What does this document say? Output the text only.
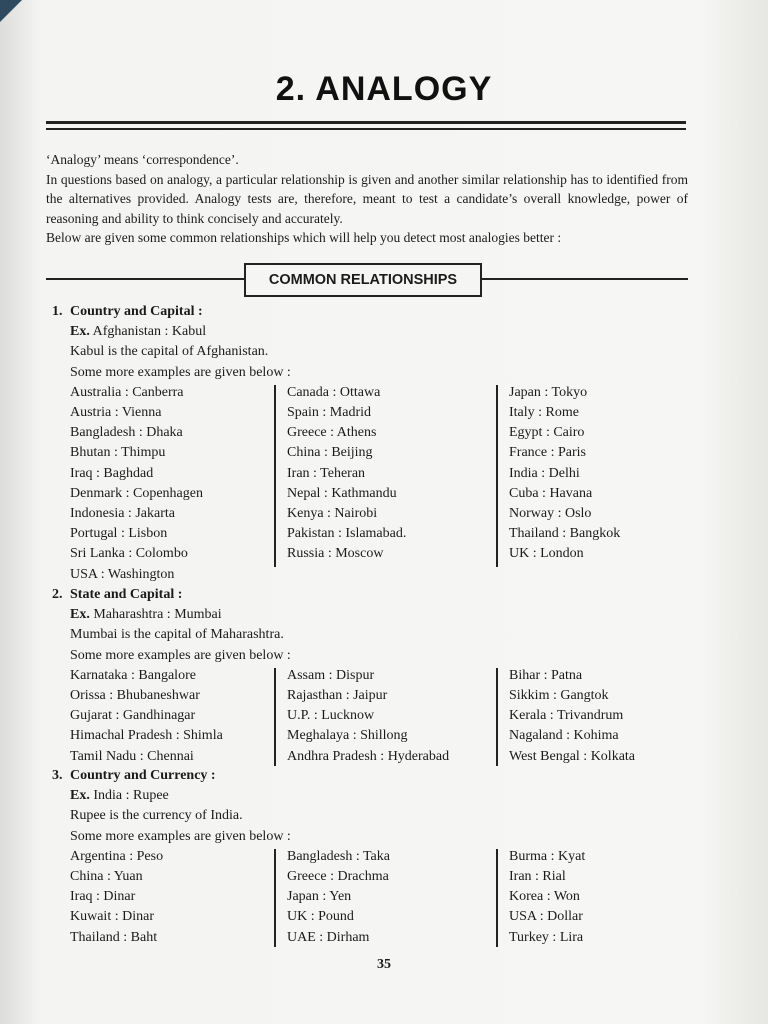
2. ANALOGY

‘Analogy’ means ‘correspondence’.

In questions based on analogy, a particular relationship is given and another similar relationship has to identified from the alternatives provided. Analogy tests are, therefore, meant to test a candidate’s overall knowledge, power of reasoning and ability to think concisely and accurately.

Below are given some common relationships which will help you detect most analogies better :

COMMON RELATIONSHIPS
1. Country and Capital :
Ex. Afghanistan : Kabul
Kabul is the capital of Afghanistan.
Some more examples are given below :
Australia : Canberra
Austria : Vienna
Bangladesh : Dhaka
Bhutan : Thimpu
Iraq : Baghdad
Denmark : Copenhagen
Indonesia : Jakarta
Portugal : Lisbon
Sri Lanka : Colombo
USA : Washington
Canada : Ottawa
Spain : Madrid
Greece : Athens
China : Beijing
Iran : Teheran
Nepal : Kathmandu
Kenya : Nairobi
Pakistan : Islamabad.
Russia : Moscow
Japan : Tokyo
Italy : Rome
Egypt : Cairo
France : Paris
India : Delhi
Cuba : Havana
Norway : Oslo
Thailand : Bangkok
UK : London
2. State and Capital :
Ex. Maharashtra : Mumbai
Mumbai is the capital of Maharashtra.
Some more examples are given below :
Karnataka : Bangalore
Orissa : Bhubaneshwar
Gujarat : Gandhinagar
Himachal Pradesh : Shimla
Tamil Nadu : Chennai
Assam : Dispur
Rajasthan : Jaipur
U.P. : Lucknow
Meghalaya : Shillong
Andhra Pradesh : Hyderabad
Bihar : Patna
Sikkim : Gangtok
Kerala : Trivandrum
Nagaland : Kohima
West Bengal : Kolkata
3. Country and Currency :
Ex. India : Rupee
Rupee is the currency of India.
Some more examples are given below :
Argentina : Peso
China : Yuan
Iraq : Dinar
Kuwait : Dinar
Thailand : Baht
Bangladesh : Taka
Greece : Drachma
Japan : Yen
UK : Pound
UAE : Dirham
Burma : Kyat
Iran : Rial
Korea : Won
USA : Dollar
Turkey : Lira
35
